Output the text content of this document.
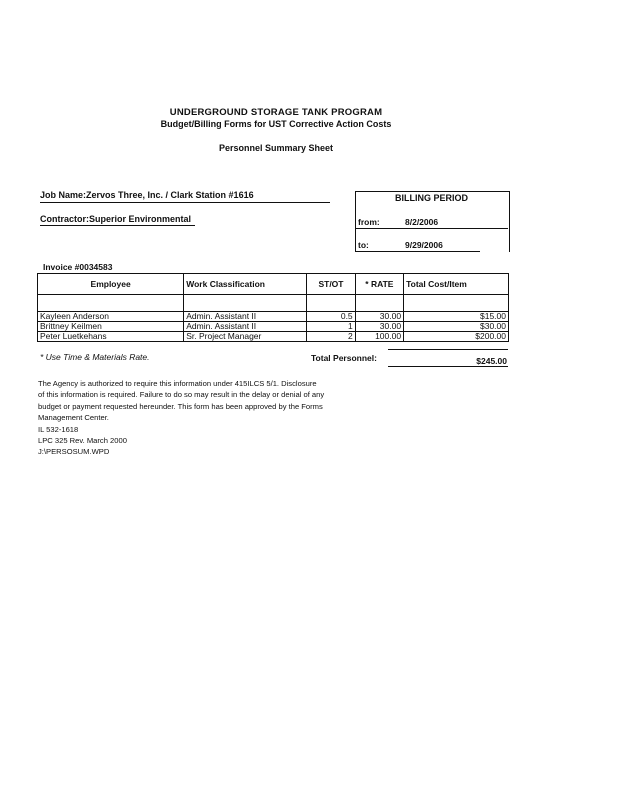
UNDERGROUND STORAGE TANK PROGRAM
Budget/Billing Forms for UST Corrective Action Costs
Personnel Summary Sheet
Job Name:Zervos Three, Inc. / Clark Station #1616
Contractor:Superior Environmental
BILLING PERIOD
from:	8/2/2006
to:	9/29/2006
Invoice #0034583
Employee	Work Classification	ST/OT	* RATE	Total Cost/Item

Kayleen Anderson	Admin. Assistant II	0.5	30.00	$15.00
Brittney Keilmen	Admin. Assistant II	1	30.00	$30.00
Peter Luetkehans	Sr. Project Manager	2	100.00	$200.00
* Use Time & Materials Rate.	Total Personnel:	$245.00
The Agency is authorized to require this information under 415ILCS 5/1. Disclosure
of this information is required. Failure to do so may result in the delay or denial of any
budget or payment requested hereunder. This form has been approved by the Forms
Management Center.
IL 532-1618
LPC 325 Rev. March 2000
J:\PERSOSUM.WPD
